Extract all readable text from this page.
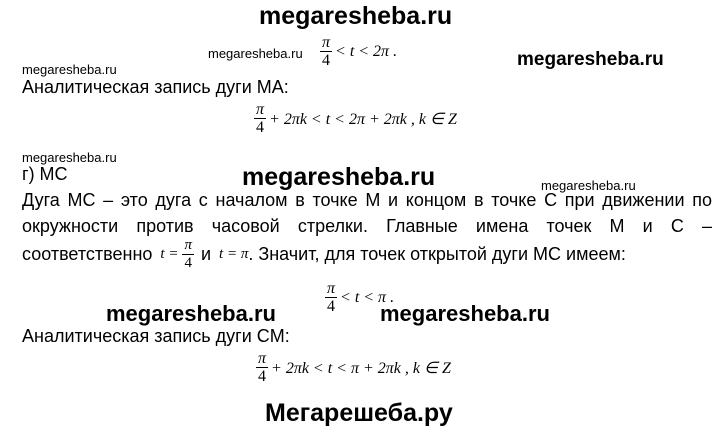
megaresheba.ru
megaresheba.ru $\frac{\pi}{4} < t < 2\pi$ .	megaresheba.ru
megaresheba.ru
Аналитическая запись дуги MA:
$\frac{\pi}{4} + 2\pi k < t < 2\pi + 2\pi k$ , k ∈ Z
megaresheba.ru
г) MC	megaresheba.ru	megaresheba.ru
Дуга MC – это дуга с началом в точке M и концом в точке C при движении по
окружности против часовой стрелки. Главные имена точек M и C –
соответственно $t = \frac{\pi}{4}$ и t = π . Значит, для точек открытой дуги MC имеем:
$\frac{\pi}{4} < t < \pi$ .
megaresheba.ru	megaresheba.ru
Аналитическая запись дуги CM:
$\frac{\pi}{4} + 2\pi k < t < \pi + 2\pi k$ , k ∈ Z
Мегарешеба.ру
